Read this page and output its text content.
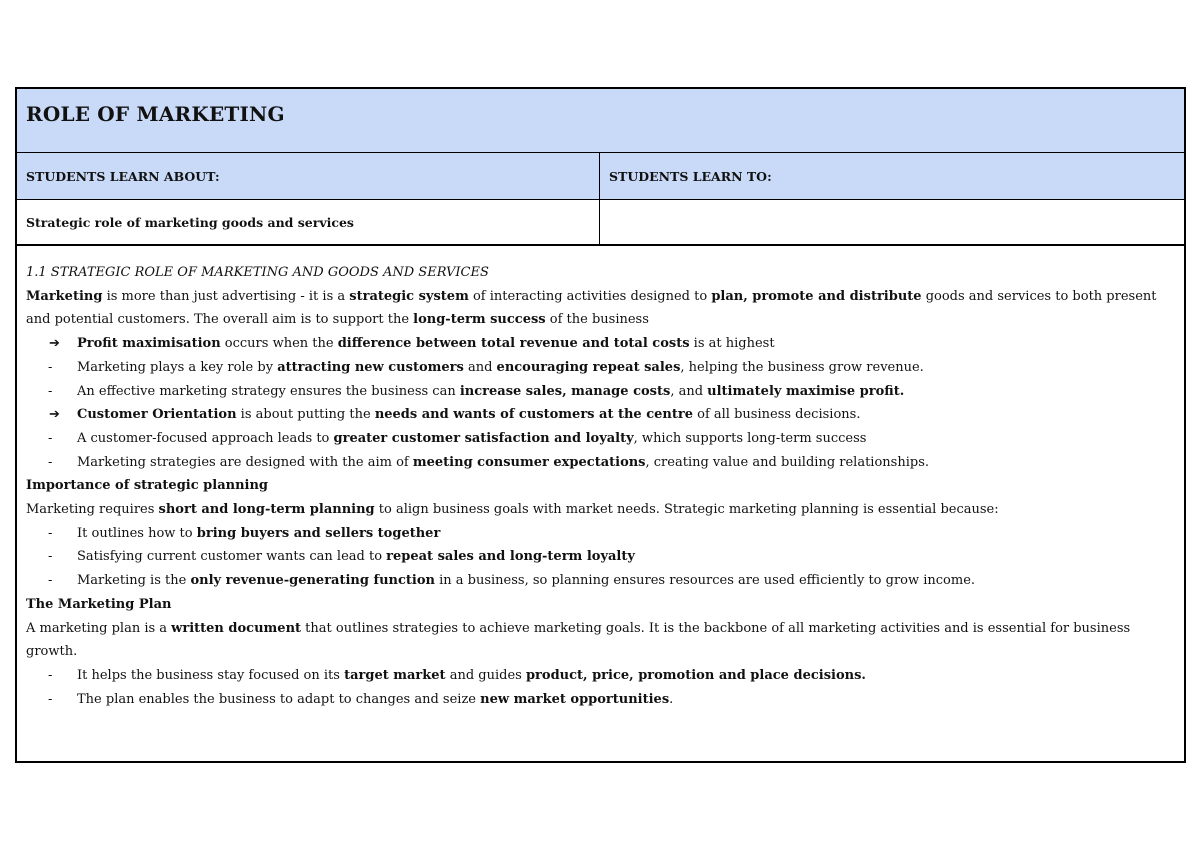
ROLE OF MARKETING
STUDENTS LEARN ABOUT:	STUDENTS LEARN TO:
Strategic role of marketing goods and services

1.1 STRATEGIC ROLE OF MARKETING AND GOODS AND SERVICES

Marketing is more than just advertising - it is a strategic system of interacting activities designed to plan, promote and distribute goods and services to both present and potential customers. The overall aim is to support the long-term success of the business

➔	Profit maximisation occurs when the difference between total revenue and total costs is at highest
-	Marketing plays a key role by attracting new customers and encouraging repeat sales, helping the business grow revenue.
-	An effective marketing strategy ensures the business can increase sales, manage costs, and ultimately maximise profit.
➔	Customer Orientation is about putting the needs and wants of customers at the centre of all business decisions.
-	A customer-focused approach leads to greater customer satisfaction and loyalty, which supports long-term success
-	Marketing strategies are designed with the aim of meeting consumer expectations, creating value and building relationships.

Importance of strategic planning

Marketing requires short and long-term planning to align business goals with market needs. Strategic marketing planning is essential because:

-	It outlines how to bring buyers and sellers together
-	Satisfying current customer wants can lead to repeat sales and long-term loyalty
-	Marketing is the only revenue-generating function in a business, so planning ensures resources are used efficiently to grow income.

The Marketing Plan

A marketing plan is a written document that outlines strategies to achieve marketing goals. It is the backbone of all marketing activities and is essential for business growth.

-	It helps the business stay focused on its target market and guides product, price, promotion and place decisions.
-	The plan enables the business to adapt to changes and seize new market opportunities.
